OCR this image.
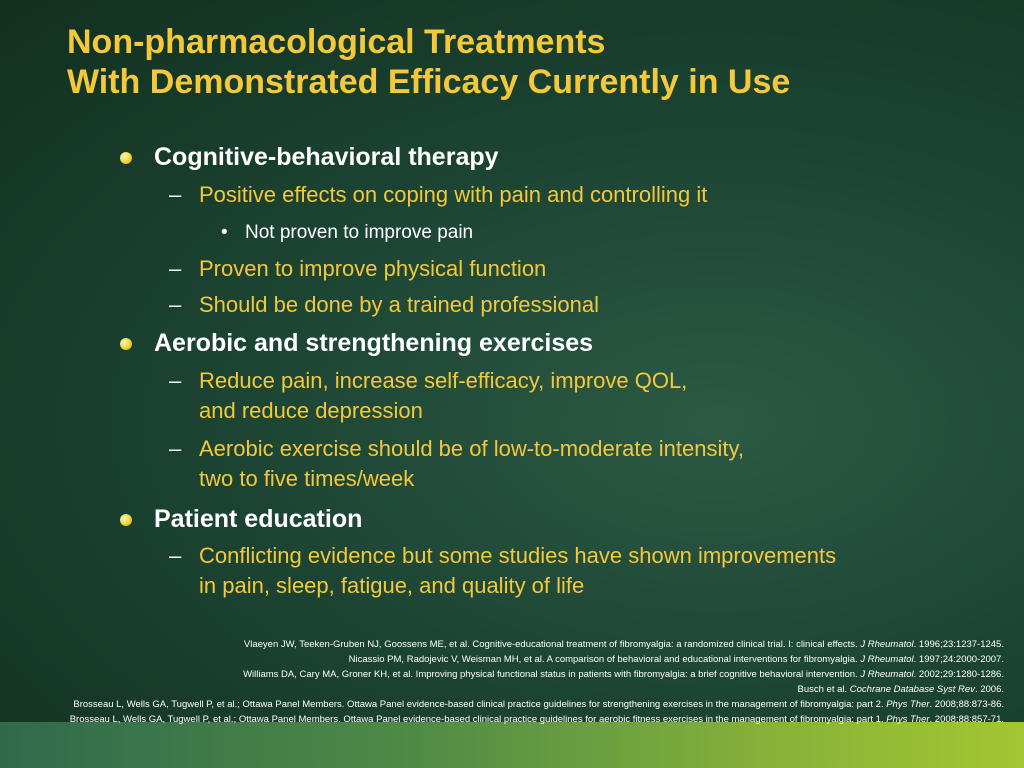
Non-pharmacological Treatments
With Demonstrated Efficacy Currently in Use
Cognitive-behavioral therapy
– Positive effects on coping with pain and controlling it
• Not proven to improve pain
– Proven to improve physical function
– Should be done by a trained professional
Aerobic and strengthening exercises
– Reduce pain, increase self-efficacy, improve QOL,
and reduce depression
– Aerobic exercise should be of low-to-moderate intensity,
two to five times/week
Patient education
– Conflicting evidence but some studies have shown improvements
in pain, sleep, fatigue, and quality of life
Vlaeyen JW, Teeken-Gruben NJ, Goossens ME, et al. Cognitive-educational treatment of fibromyalgia: a randomized clinical trial. I: clinical effects. J Rheumatol. 1996;23:1237-1245.
Nicassio PM, Radojevic V, Weisman MH, et al. A comparison of behavioral and educational interventions for fibromyalgia. J Rheumatol. 1997;24:2000-2007.
Williams DA, Cary MA, Groner KH, et al. Improving physical functional status in patients with fibromyalgia: a brief cognitive behavioral intervention. J Rheumatol. 2002;29:1280-1286.
Busch et al. Cochrane Database Syst Rev. 2006.
Brosseau L, Wells GA, Tugwell P, et al.; Ottawa Panel Members. Ottawa Panel evidence-based clinical practice guidelines for strengthening exercises in the management of fibromyalgia: part 2. Phys Ther. 2008;88:873-86.
Brosseau L, Wells GA, Tugwell P, et al.; Ottawa Panel Members. Ottawa Panel evidence-based clinical practice guidelines for aerobic fitness exercises in the management of fibromyalgia: part 1. Phys Ther. 2008;88:857-71.
